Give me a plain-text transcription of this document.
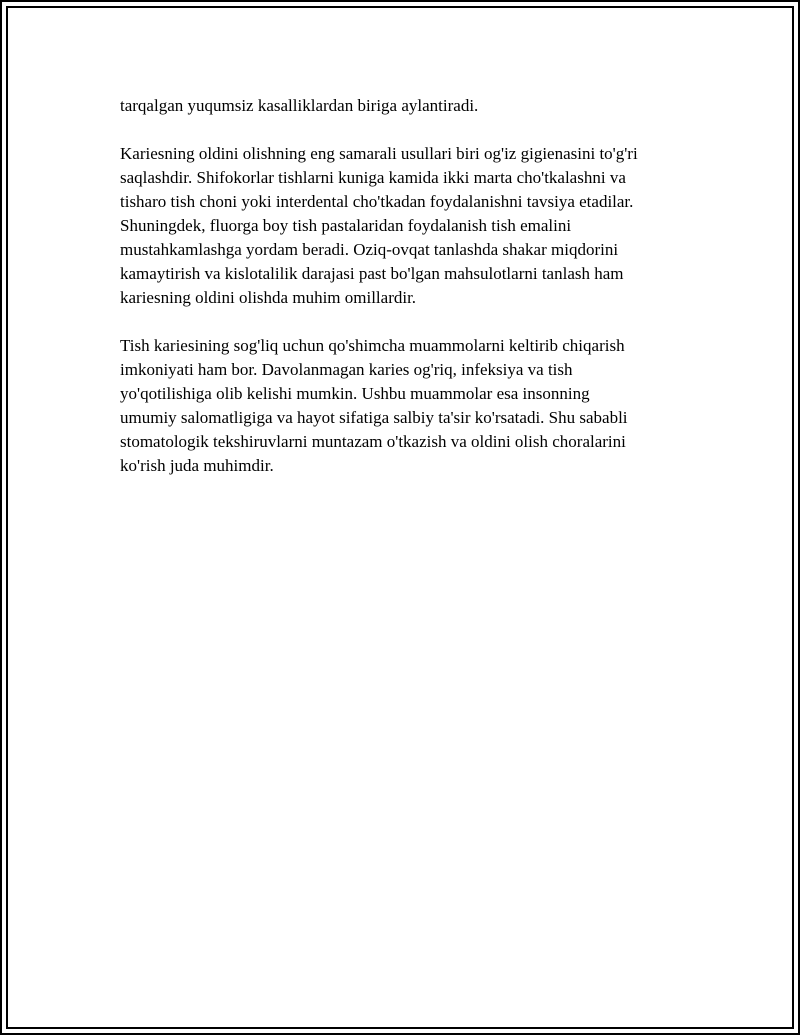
tarqalgan yuqumsiz kasalliklardan biriga aylantiradi.

Kariesning oldini olishning eng samarali usullari biri og'iz gigienasini to'g'ri
saqlashdir. Shifokorlar tishlarni kuniga kamida ikki marta cho'tkalashni va
tisharo tish choni yoki interdental cho'tkadan foydalanishni tavsiya etadilar.
Shuningdek, fluorga boy tish pastalaridan foydalanish tish emalini
mustahkamlashga yordam beradi. Oziq-ovqat tanlashda shakar miqdorini
kamaytirish va kislotalilik darajasi past bo'lgan mahsulotlarni tanlash ham
kariesning oldini olishda muhim omillardir.

Tish kariesining sog'liq uchun qo'shimcha muammolarni keltirib chiqarish
imkoniyati ham bor. Davolanmagan karies og'riq, infeksiya va tish
yo'qotilishiga olib kelishi mumkin. Ushbu muammolar esa insonning
umumiy salomatligiga va hayot sifatiga salbiy ta'sir ko'rsatadi. Shu sababli
stomatologik tekshiruvlarni muntazam o'tkazish va oldini olish choralarini
ko'rish juda muhimdir.
